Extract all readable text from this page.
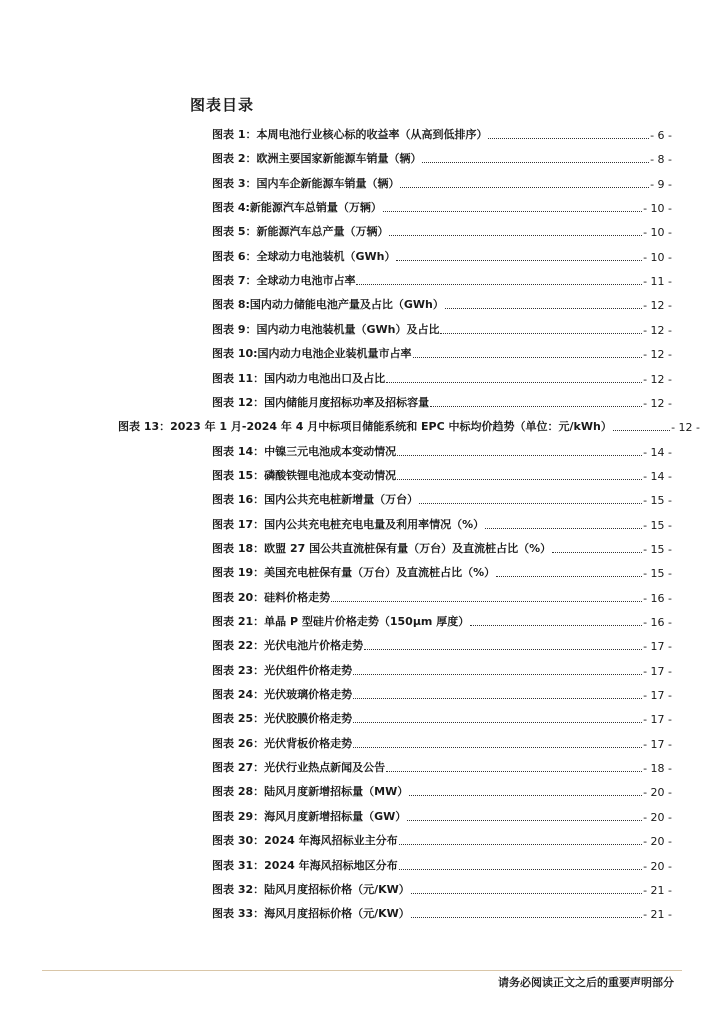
图表目录
图表 1：本周电池行业核心标的收益率（从高到低排序）	- 6 -
图表 2：欧洲主要国家新能源车销量（辆）	- 8 -
图表 3：国内车企新能源车销量（辆）	- 9 -
图表 4:新能源汽车总销量（万辆）	- 10 -
图表 5：新能源汽车总产量（万辆）	- 10 -
图表 6：全球动力电池装机（GWh）	- 10 -
图表 7：全球动力电池市占率	- 11 -
图表 8:国内动力储能电池产量及占比（GWh）	- 12 -
图表 9：国内动力电池装机量（GWh）及占比	- 12 -
图表 10:国内动力电池企业装机量市占率	- 12 -
图表 11：国内动力电池出口及占比	- 12 -
图表 12：国内储能月度招标功率及招标容量	- 12 -
图表 13：2023 年 1 月-2024 年 4 月中标项目储能系统和 EPC 中标均价趋势（单位：元/kWh）	- 12 -
图表 14：中镍三元电池成本变动情况	- 14 -
图表 15：磷酸铁锂电池成本变动情况	- 14 -
图表 16：国内公共充电桩新增量（万台）	- 15 -
图表 17：国内公共充电桩充电电量及利用率情况（%）	- 15 -
图表 18：欧盟 27 国公共直流桩保有量（万台）及直流桩占比（%）	- 15 -
图表 19：美国充电桩保有量（万台）及直流桩占比（%）	- 15 -
图表 20：硅料价格走势	- 16 -
图表 21：单晶 P 型硅片价格走势（150μm 厚度）	- 16 -
图表 22：光伏电池片价格走势	- 17 -
图表 23：光伏组件价格走势	- 17 -
图表 24：光伏玻璃价格走势	- 17 -
图表 25：光伏胶膜价格走势	- 17 -
图表 26：光伏背板价格走势	- 17 -
图表 27：光伏行业热点新闻及公告	- 18 -
图表 28：陆风月度新增招标量（MW）	- 20 -
图表 29：海风月度新增招标量（GW）	- 20 -
图表 30：2024 年海风招标业主分布	- 20 -
图表 31：2024 年海风招标地区分布	- 20 -
图表 32：陆风月度招标价格（元/KW）	- 21 -
图表 33：海风月度招标价格（元/KW）	- 21 -
请务必阅读正文之后的重要声明部分
